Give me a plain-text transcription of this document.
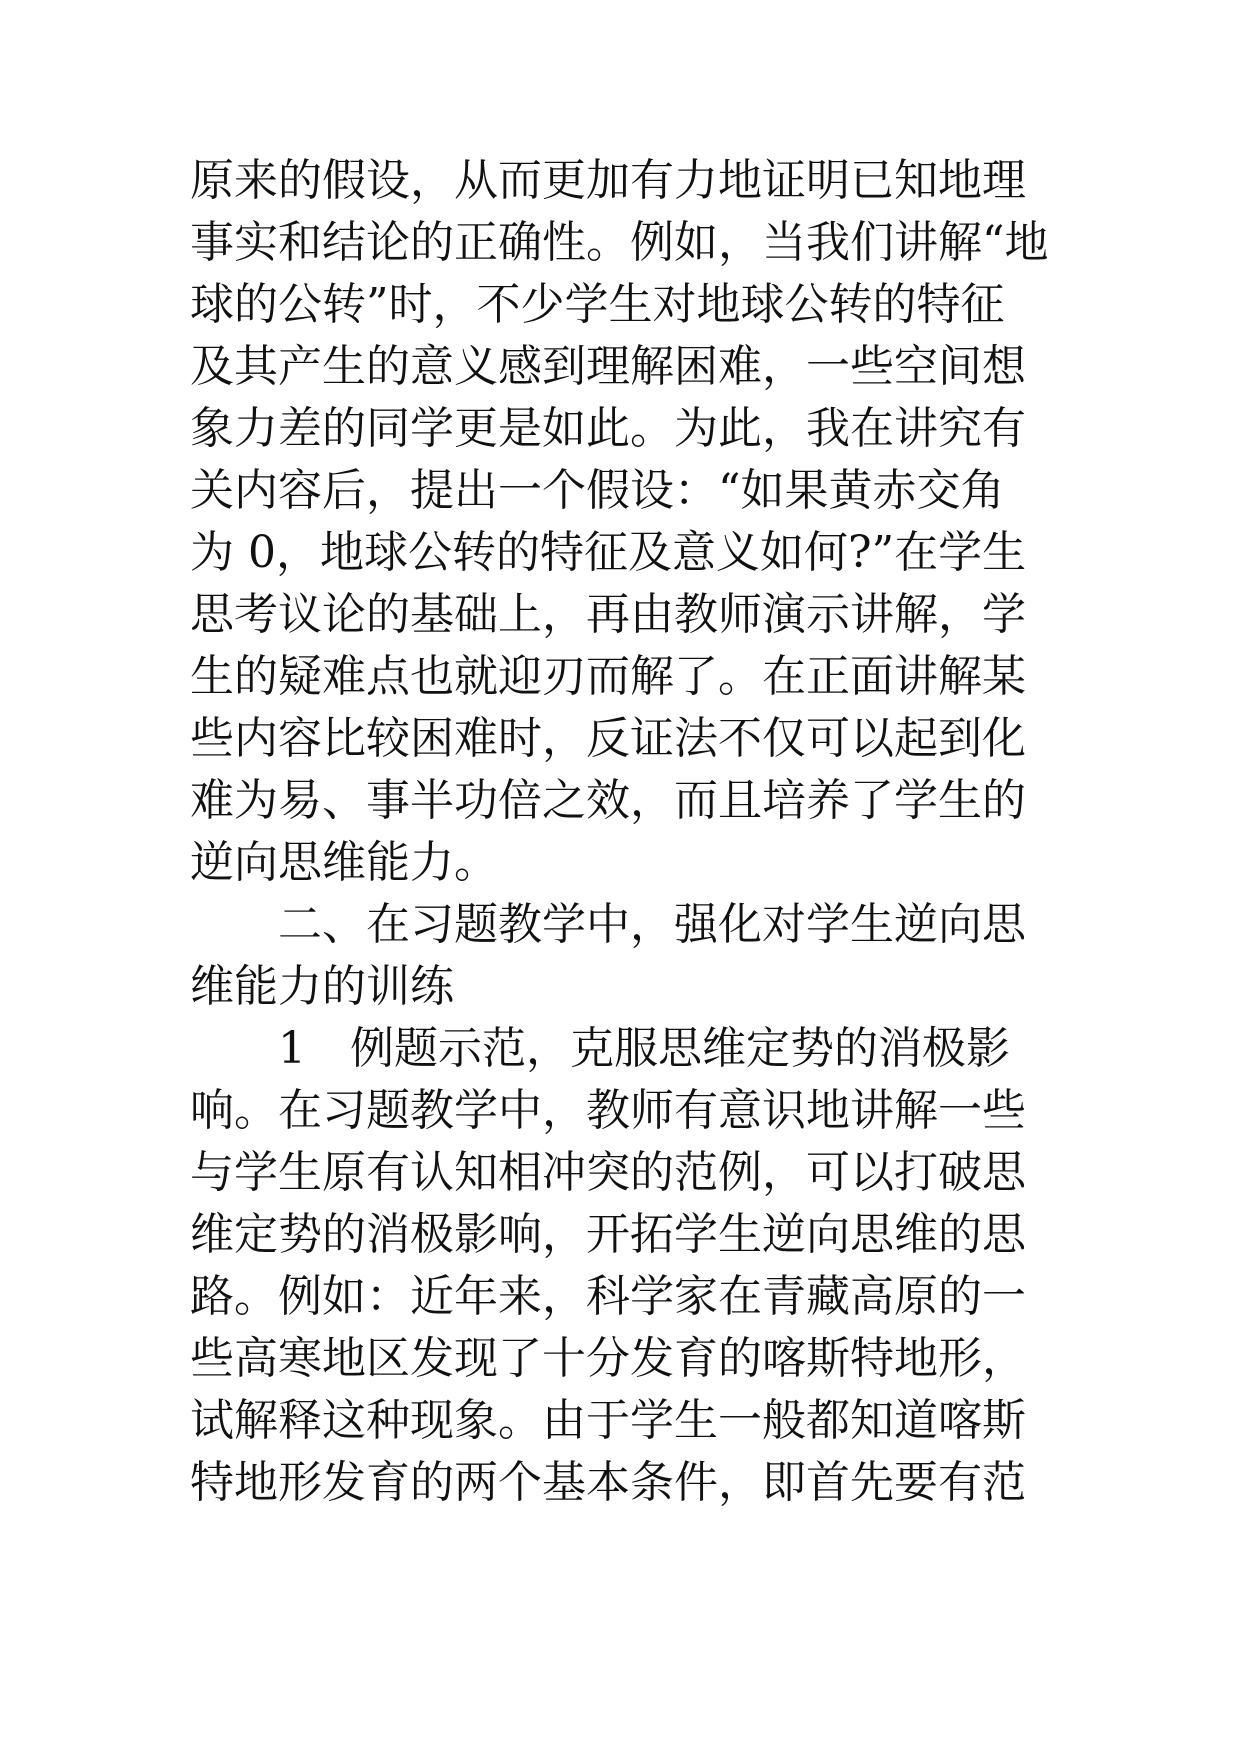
原来的假设，从而更加有力地证明已知地理
事实和结论的正确性。例如，当我们讲解“地
球的公转”时，不少学生对地球公转的特征
及其产生的意义感到理解困难，一些空间想
象力差的同学更是如此。为此，我在讲究有
关内容后，提出一个假设：“如果黄赤交角
为 0，地球公转的特征及意义如何?”在学生
思考议论的基础上，再由教师演示讲解，学
生的疑难点也就迎刃而解了。在正面讲解某
些内容比较困难时，反证法不仅可以起到化
难为易、事半功倍之效，而且培养了学生的
逆向思维能力。
二、在习题教学中，强化对学生逆向思
维能力的训练
1　例题示范，克服思维定势的消极影
响。在习题教学中，教师有意识地讲解一些
与学生原有认知相冲突的范例，可以打破思
维定势的消极影响，开拓学生逆向思维的思
路。例如：近年来，科学家在青藏高原的一
些高寒地区发现了十分发育的喀斯特地形，
试解释这种现象。由于学生一般都知道喀斯
特地形发育的两个基本条件，即首先要有范
